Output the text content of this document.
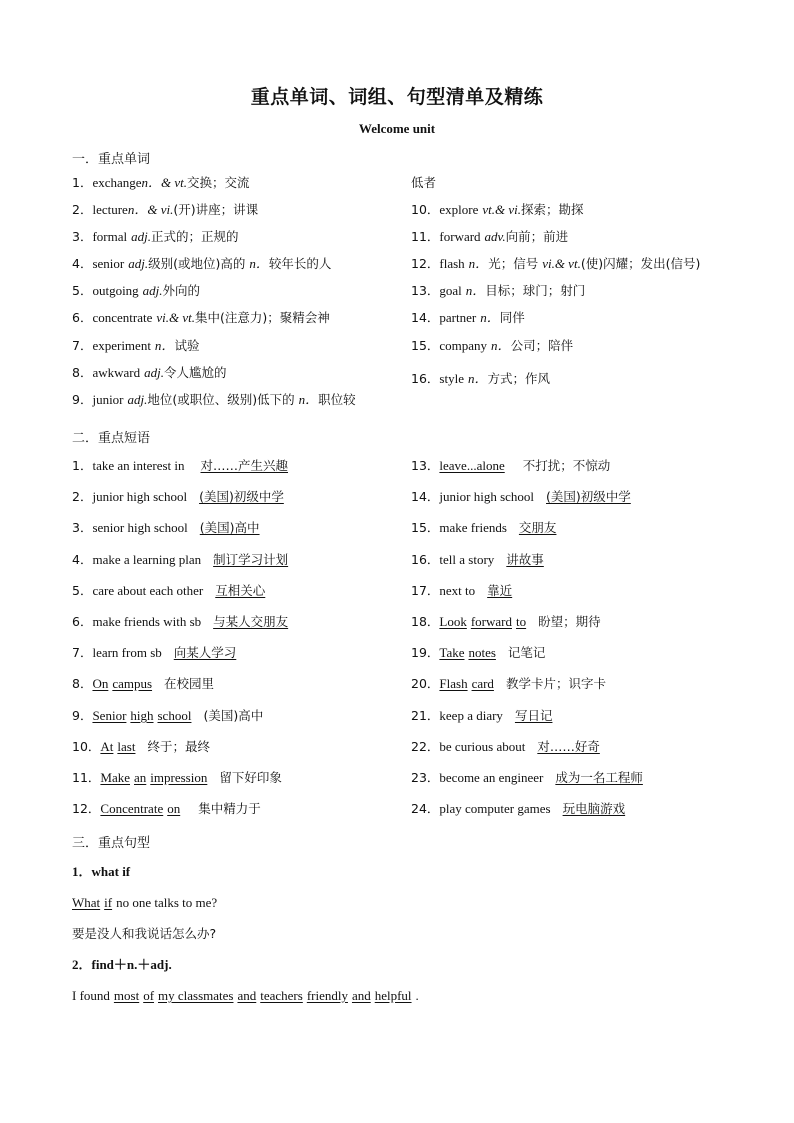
重点单词、词组、句型清单及精练
Welcome unit
一．重点单词
1．exchangen．& vt.交换；交流
2．lecturen．& vi.(开)讲座；讲课
3．formal adj.正式的；正规的
4．senior adj.级别(或地位)高的 n．较年长的人
5．outgoing adj.外向的
6．concentrate vi.& vt.集中(注意力)；聚精会神
7．experiment n．试验
8．awkward adj.令人尴尬的
9．junior adj.地位(或职位、级别)低下的 n．职位较
低者
10．explore vt.& vi.探索；勘探
11．forward adv.向前；前进
12．flash n．光；信号 vi.& vt.(使)闪耀；发出(信号)
13．goal n．目标；球门；射门
14．partner n．同伴
15．company n．公司；陪伴
16．style n．方式；作风
二．重点短语
1．take an interest in 对……产生兴趣
2．junior high school (美国)初级中学
3．senior high school (美国)高中
4．make a learning plan 制订学习计划
5．care about each other 互相关心
6．make friends with sb 与某人交朋友
7．learn from sb 向某人学习
8．On campus 在校园里
9．Senior high school (美国)高中
10．At last 终于；最终
11．Make an impression 留下好印象
12．Concentrate on 集中精力于
13．leave...alone 不打扰；不惊动
14．junior high school (美国)初级中学
15．make friends 交朋友
16．tell a story 讲故事
17．next to 靠近
18．Look forward to 盼望；期待
19．Take notes 记笔记
20．Flash card 教学卡片；识字卡
21．keep a diary 写日记
22．be curious about 对……好奇
23．become an engineer 成为一名工程师
24．play computer games 玩电脑游戏
三．重点句型
1．what if
What if no one talks to me?
要是没人和我说话怎么办?
2．find＋n.＋adj.
I found most of my classmates and teachers friendly and helpful .
